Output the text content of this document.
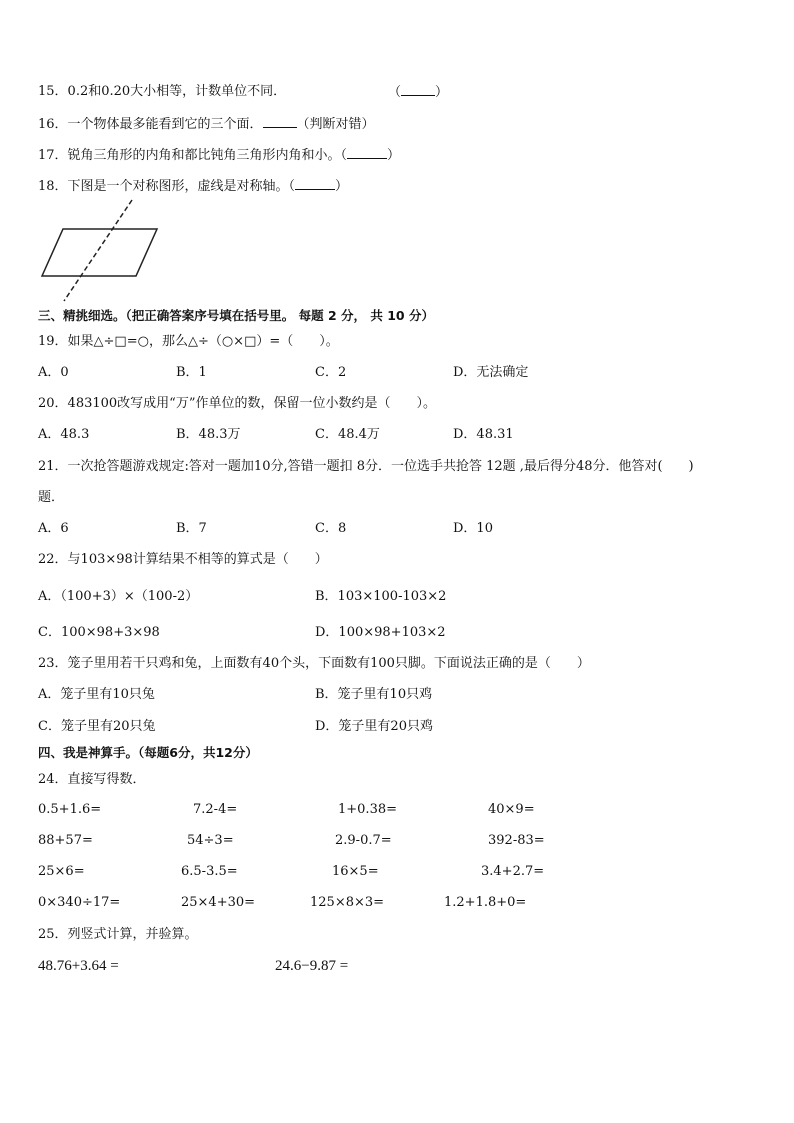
15．0.2和0.20大小相等，计数单位不同．	（	）
16．一个物体最多能看到它的三个面．	（判断对错）
17．锐角三角形的内角和都比钝角三角形内角和小。（	）
18．下图是一个对称图形，虚线是对称轴。（	）
三、精挑细选。（把正确答案序号填在括号里。 每题 2 分， 共 10 分）
19．如果△÷□=○，那么△÷（○×□）=（　　）。
A．0	B．1	C．2	D．无法确定
20．483100改写成用“万”作单位的数，保留一位小数约是（　　）。
A．48.3	B．48.3万	C．48.4万	D．48.31
21．一次抢答题游戏规定:答对一题加10分,答错一题扣 8分．一位选手共抢答 12题 ,最后得分48分．他答对(　　)
题．
A．6	B．7	C．8	D．10
22．与103×98计算结果不相等的算式是（　　）
A．（100+3）×（100-2）	B．103×100-103×2
C．100×98+3×98	D．100×98+103×2
23．笼子里用若干只鸡和兔，上面数有40个头，下面数有100只脚。下面说法正确的是（　　）
A．笼子里有10只兔	B．笼子里有10只鸡
C．笼子里有20只兔	D．笼子里有20只鸡
四、我是神算手。（每题6分，共12分）
24．直接写得数．
0.5+1.6=	7.2-4=	1+0.38=	40×9=
88+57=	54÷3=	2.9-0.7=	392-83=
25×6=	6.5-3.5=	16×5=	3.4+2.7=
0×340÷17=	25×4+30=	125×8×3=	1.2+1.8+0=
25．列竖式计算，并验算。
48.76+3.64 =	24.6−9.87 =
